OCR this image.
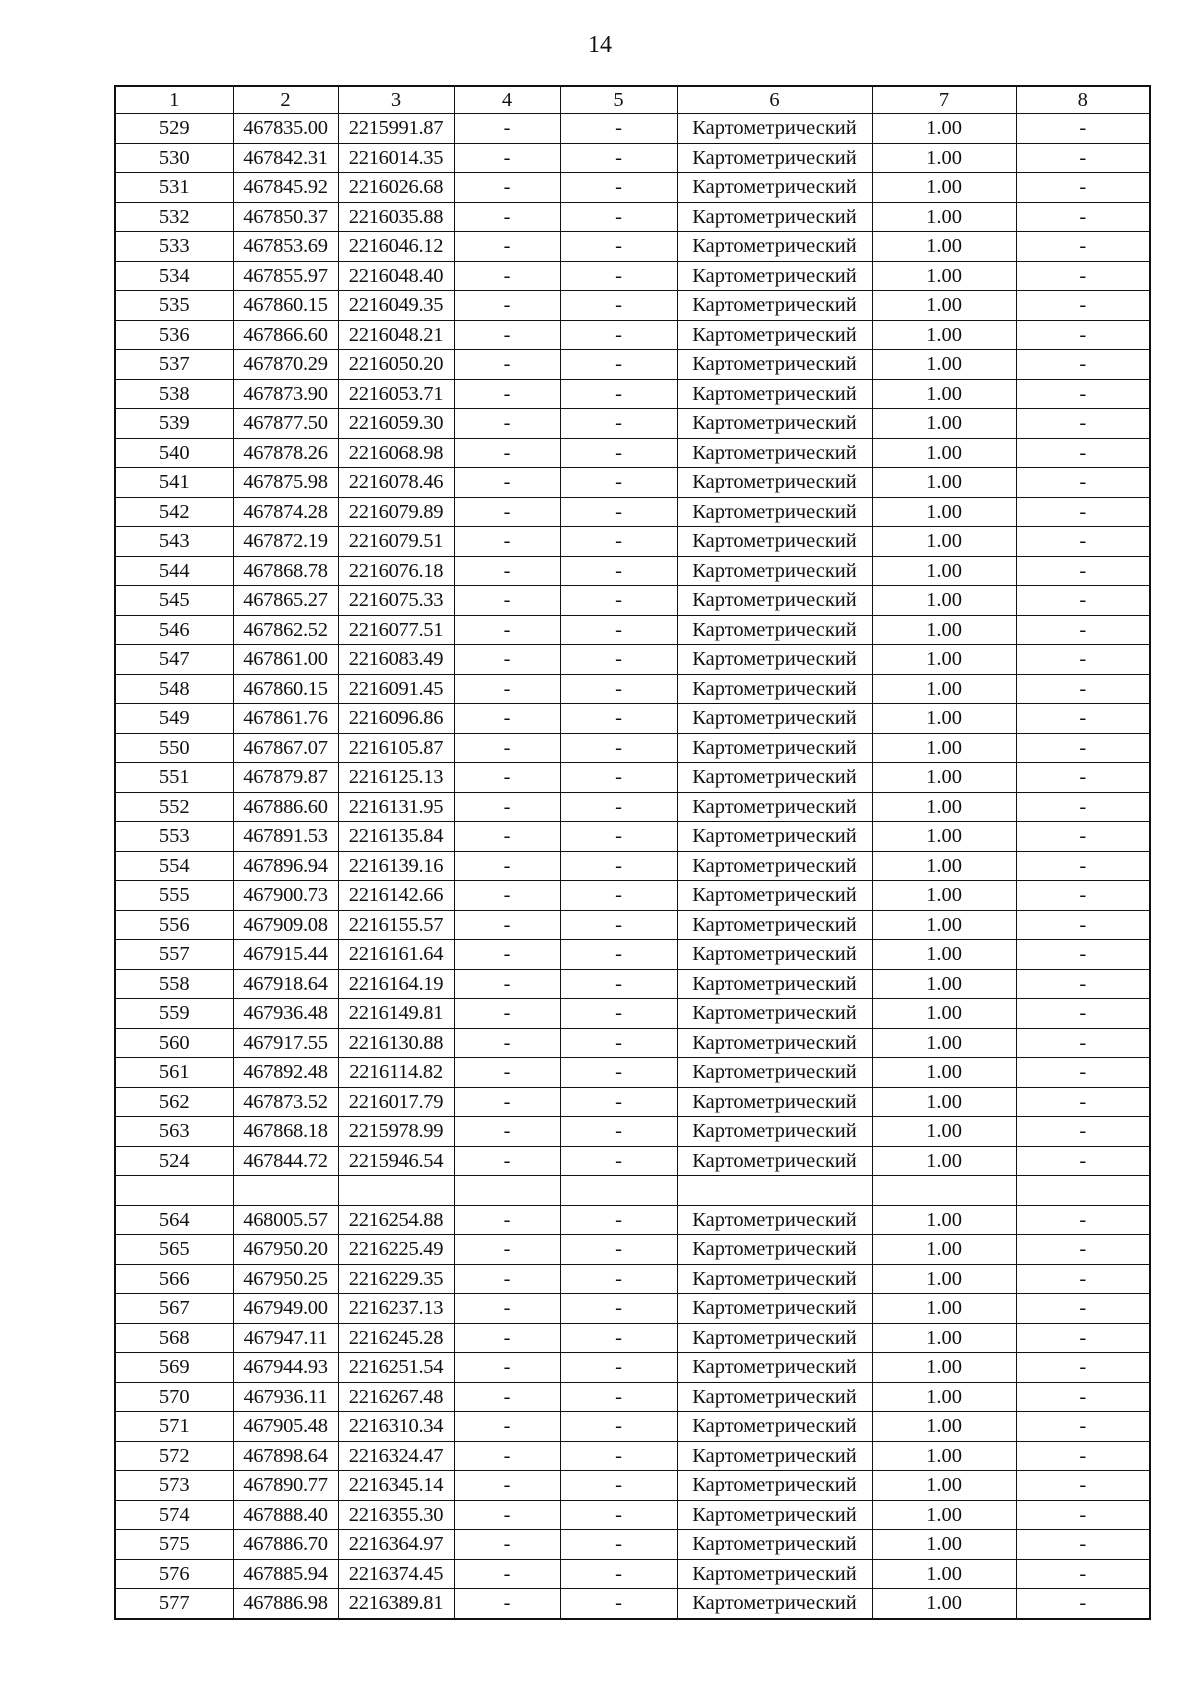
14
1	2	3	4	5	6	7	8
529	467835.00	2215991.87	-	-	Картометрический	1.00	-
530	467842.31	2216014.35	-	-	Картометрический	1.00	-
531	467845.92	2216026.68	-	-	Картометрический	1.00	-
532	467850.37	2216035.88	-	-	Картометрический	1.00	-
533	467853.69	2216046.12	-	-	Картометрический	1.00	-
534	467855.97	2216048.40	-	-	Картометрический	1.00	-
535	467860.15	2216049.35	-	-	Картометрический	1.00	-
536	467866.60	2216048.21	-	-	Картометрический	1.00	-
537	467870.29	2216050.20	-	-	Картометрический	1.00	-
538	467873.90	2216053.71	-	-	Картометрический	1.00	-
539	467877.50	2216059.30	-	-	Картометрический	1.00	-
540	467878.26	2216068.98	-	-	Картометрический	1.00	-
541	467875.98	2216078.46	-	-	Картометрический	1.00	-
542	467874.28	2216079.89	-	-	Картометрический	1.00	-
543	467872.19	2216079.51	-	-	Картометрический	1.00	-
544	467868.78	2216076.18	-	-	Картометрический	1.00	-
545	467865.27	2216075.33	-	-	Картометрический	1.00	-
546	467862.52	2216077.51	-	-	Картометрический	1.00	-
547	467861.00	2216083.49	-	-	Картометрический	1.00	-
548	467860.15	2216091.45	-	-	Картометрический	1.00	-
549	467861.76	2216096.86	-	-	Картометрический	1.00	-
550	467867.07	2216105.87	-	-	Картометрический	1.00	-
551	467879.87	2216125.13	-	-	Картометрический	1.00	-
552	467886.60	2216131.95	-	-	Картометрический	1.00	-
553	467891.53	2216135.84	-	-	Картометрический	1.00	-
554	467896.94	2216139.16	-	-	Картометрический	1.00	-
555	467900.73	2216142.66	-	-	Картометрический	1.00	-
556	467909.08	2216155.57	-	-	Картометрический	1.00	-
557	467915.44	2216161.64	-	-	Картометрический	1.00	-
558	467918.64	2216164.19	-	-	Картометрический	1.00	-
559	467936.48	2216149.81	-	-	Картометрический	1.00	-
560	467917.55	2216130.88	-	-	Картометрический	1.00	-
561	467892.48	2216114.82	-	-	Картометрический	1.00	-
562	467873.52	2216017.79	-	-	Картометрический	1.00	-
563	467868.18	2215978.99	-	-	Картометрический	1.00	-
524	467844.72	2215946.54	-	-	Картометрический	1.00	-

564	468005.57	2216254.88	-	-	Картометрический	1.00	-
565	467950.20	2216225.49	-	-	Картометрический	1.00	-
566	467950.25	2216229.35	-	-	Картометрический	1.00	-
567	467949.00	2216237.13	-	-	Картометрический	1.00	-
568	467947.11	2216245.28	-	-	Картометрический	1.00	-
569	467944.93	2216251.54	-	-	Картометрический	1.00	-
570	467936.11	2216267.48	-	-	Картометрический	1.00	-
571	467905.48	2216310.34	-	-	Картометрический	1.00	-
572	467898.64	2216324.47	-	-	Картометрический	1.00	-
573	467890.77	2216345.14	-	-	Картометрический	1.00	-
574	467888.40	2216355.30	-	-	Картометрический	1.00	-
575	467886.70	2216364.97	-	-	Картометрический	1.00	-
576	467885.94	2216374.45	-	-	Картометрический	1.00	-
577	467886.98	2216389.81	-	-	Картометрический	1.00	-
